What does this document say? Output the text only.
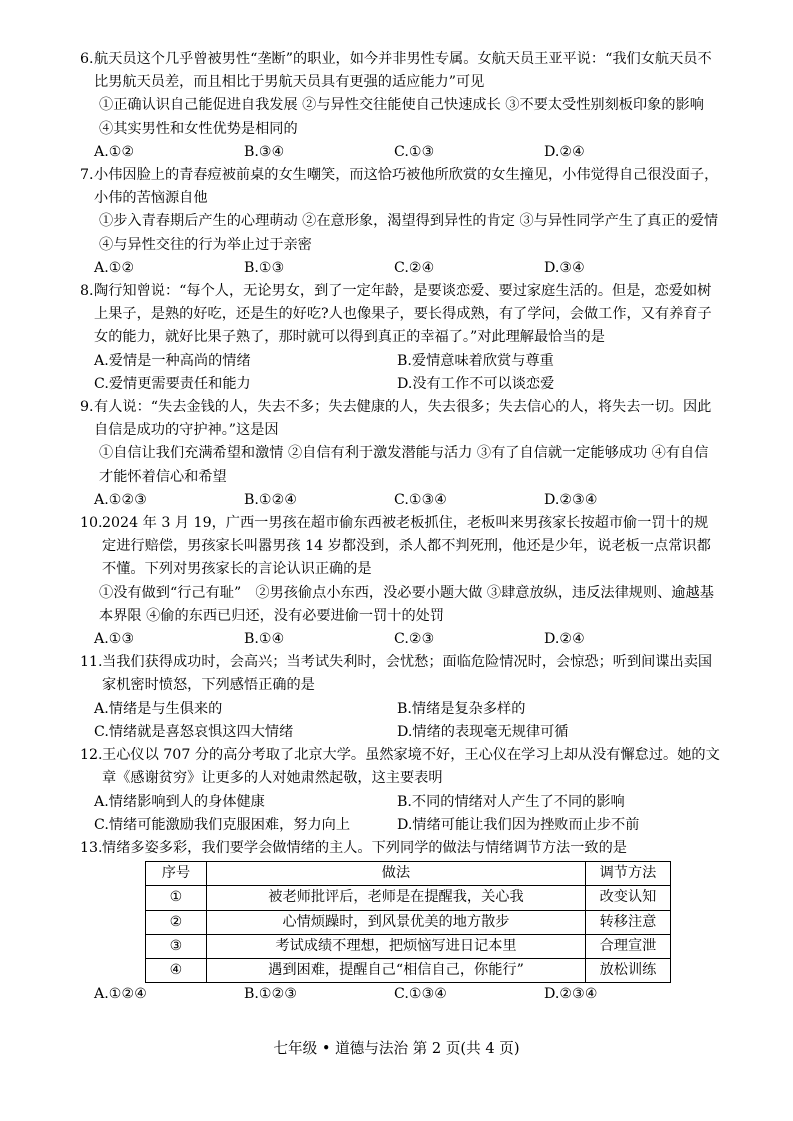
6. 航天员这个几乎曾被男性“垄断”的职业，如今并非男性专属。女航天员王亚平说：“我们女航天员不比男航天员差，而且相比于男航天员具有更强的适应能力”可见
①正确认识自己能促进自我发展 ②与异性交往能使自己快速成长 ③不要太受性别刻板印象的影响 ④其实男性和女性优势是相同的
A.①②	B.③④	C.①③	D.②④
7. 小伟因脸上的青春痘被前桌的女生嘲笑，而这恰巧被他所欣赏的女生撞见，小伟觉得自己很没面子，小伟的苦恼源自他
①步入青春期后产生的心理萌动 ②在意形象，渴望得到异性的肯定 ③与异性同学产生了真正的爱情 ④与异性交往的行为举止过于亲密
A.①②	B.①③	C.②④	D.③④
8. 陶行知曾说：“每个人，无论男女，到了一定年龄，是要谈恋爱、要过家庭生活的。但是，恋爱如树上果子，是熟的好吃，还是生的好吃?人也像果子，要长得成熟，有了学问，会做工作，又有养育子女的能力，就好比果子熟了，那时就可以得到真正的幸福了。”对此理解最恰当的是
A.爱情是一种高尚的情绪	B.爱情意味着欣赏与尊重
C.爱情更需要责任和能力	D.没有工作不可以谈恋爱
9. 有人说：“失去金钱的人，失去不多；失去健康的人，失去很多；失去信心的人，将失去一切。因此自信是成功的守护神。”这是因
①自信让我们充满希望和激情 ②自信有利于激发潜能与活力 ③有了自信就一定能够成功 ④有自信才能怀着信心和希望
A.①②③	B.①②④	C.①③④	D.②③④
10. 2024 年 3 月 19，广西一男孩在超市偷东西被老板抓住，老板叫来男孩家长按超市偷一罚十的规定进行赔偿，男孩家长叫嚣男孩 14 岁都没到，杀人都不判死刑，他还是少年，说老板一点常识都不懂。下列对男孩家长的言论认识正确的是
①没有做到“行己有耻”　②男孩偷点小东西，没必要小题大做 ③肆意放纵，违反法律规则、逾越基本界限 ④偷的东西已归还，没有必要进偷一罚十的处罚
A.①③	B.①④	C.②③	D.②④
11. 当我们获得成功时，会高兴；当考试失利时，会忧愁；面临危险情况时，会惊恐；听到间谍出卖国家机密时愤怒，下列感悟正确的是
A.情绪是与生俱来的	B.情绪是复杂多样的
C.情绪就是喜怒哀惧这四大情绪	D.情绪的表现毫无规律可循
12. 王心仪以 707 分的高分考取了北京大学。虽然家境不好，王心仪在学习上却从没有懈怠过。她的文章《感谢贫穷》让更多的人对她肃然起敬，这主要表明
A.情绪影响到人的身体健康	B.不同的情绪对人产生了不同的影响
C.情绪可能激励我们克服困难，努力向上	D.情绪可能让我们因为挫败而止步不前
13. 情绪多姿多彩，我们要学会做情绪的主人。下列同学的做法与情绪调节方法一致的是
序号	做法	调节方法
①	被老师批评后，老师是在提醒我，关心我	改变认知
②	心情烦躁时，到风景优美的地方散步	转移注意
③	考试成绩不理想，把烦恼写进日记本里	合理宣泄
④	遇到困难，提醒自己“相信自己，你能行”	放松训练
A.①②④	B.①②③	C.①③④	D.②③④
七年级 • 道德与法治 第 2 页(共 4 页)
